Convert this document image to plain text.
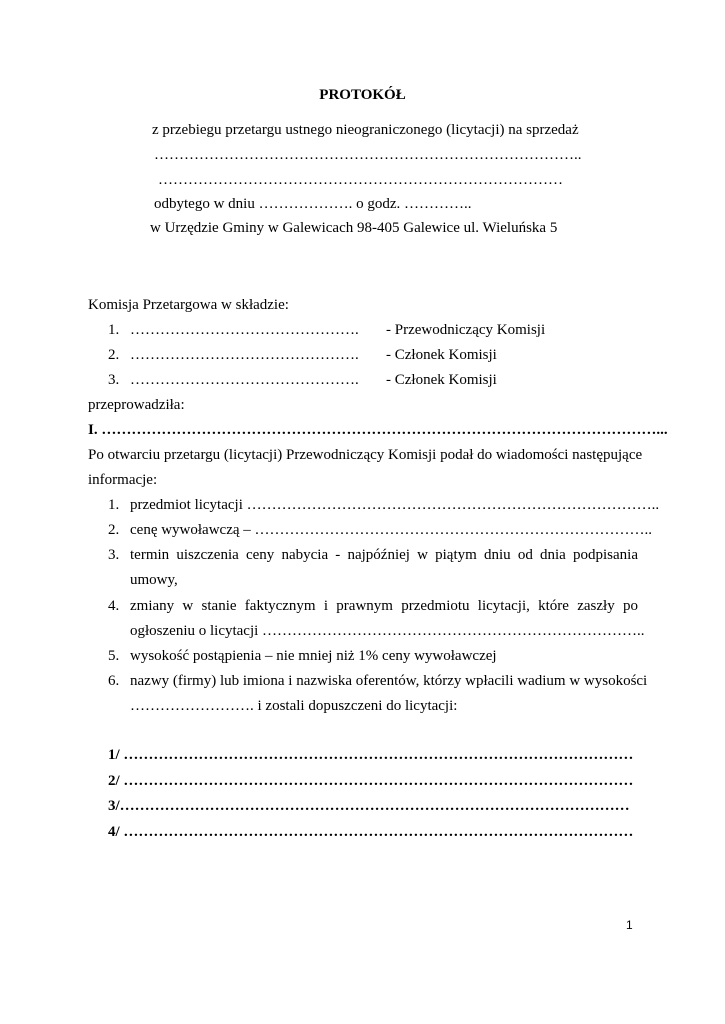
PROTOKÓŁ
z przebiegu przetargu ustnego nieograniczonego (licytacji) na sprzedaż
…………………………………………………………………………..
………………………………………………………………………
odbytego w dniu ………………. o godz. …………..
w Urzędzie Gminy w Galewicach 98-405 Galewice ul. Wieluńska 5
Komisja Przetargowa w składzie:
1. ………………………………………. - Przewodniczący Komisji
2. ………………………………………. - Członek Komisji
3. ………………………………………. - Członek Komisji
przeprowadziła:
I. …………………………………………………………………………………………………...
Po otwarciu przetargu (licytacji) Przewodniczący Komisji podał do wiadomości następujące
informacje:
1. przedmiot licytacji ………………………………………………………………………..
2. cenę wywoławczą – ……………………………………………………………………..
3. termin uiszczenia ceny nabycia - najpóźniej w piątym dniu od dnia podpisania
umowy,
4. zmiany w stanie faktycznym i prawnym przedmiotu licytacji, które zaszły po
ogłoszeniu o licytacji …………………………………………………………………..
5. wysokość postąpienia – nie mniej niż 1% ceny wywoławczej
6. nazwy (firmy) lub imiona i nazwiska oferentów, którzy wpłacili wadium w wysokości
……………………. i zostali dopuszczeni do licytacji:
1/ …………………………………………………………………………………………
2/ …………………………………………………………………………………………
3/…………………………………………………………………………………………
4/ …………………………………………………………………………………………
1
